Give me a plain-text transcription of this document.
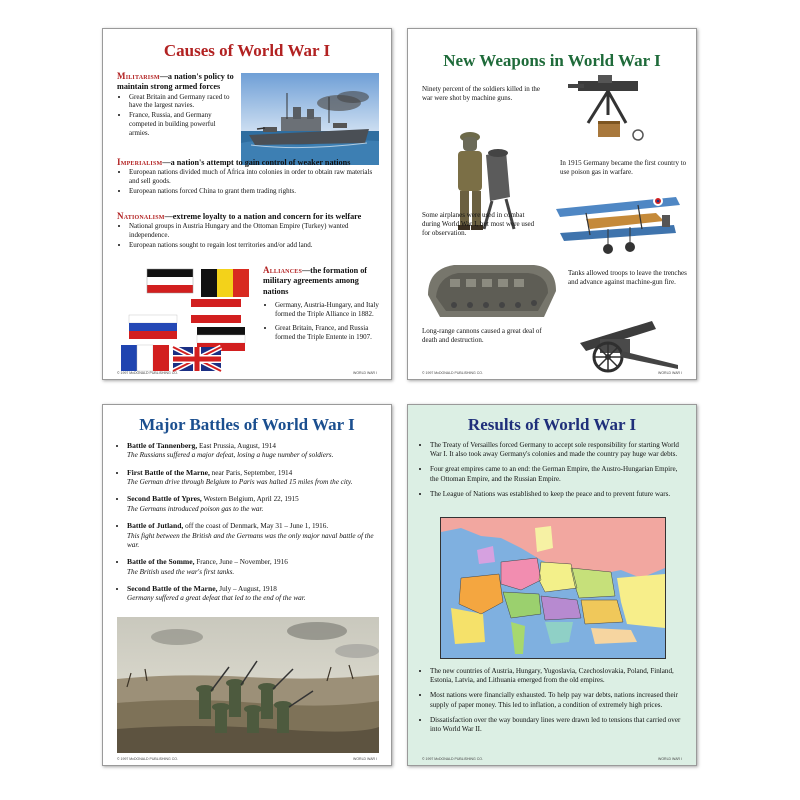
Causes of World War I
Militarism—a nation's policy to maintain strong armed forces
• Great Britain and Germany raced to have the largest navies.
• France, Russia, and Germany competed in building powerful armies.
Imperialism—a nation's attempt to gain control of weaker nations
• European nations divided much of Africa into colonies in order to obtain raw materials and sell goods.
• European nations forced China to grant them trading rights.
Nationalism—extreme loyalty to a nation and concern for its welfare
• National groups in Austria Hungary and the Ottoman Empire (Turkey) wanted independence.
• European nations sought to regain lost territories and/or add land.
Alliances—the formation of military agreements among nations
• Germany, Austria-Hungary, and Italy formed the Triple Alliance in 1882.
• Great Britain, France, and Russia formed the Triple Entente in 1907.
© 1997 McDONALD PUBLISHING CO.	WORLD WAR I
New Weapons in World War I
Ninety percent of the soldiers killed in the war were shot by machine guns.
In 1915 Germany became the first country to use poison gas in warfare.
Some airplanes were used in combat during World War I, but most were used for observation.
Tanks allowed troops to leave the trenches and advance against machine-gun fire.
Long-range cannons caused a great deal of death and destruction.
© 1997 McDONALD PUBLISHING CO.	WORLD WAR I
Major Battles of World War I
• Battle of Tannenberg, East Prussia, August, 1914
The Russians suffered a major defeat, losing a huge number of soldiers.
• First Battle of the Marne, near Paris, September, 1914
The German drive through Belgium to Paris was halted 15 miles from the city.
• Second Battle of Ypres, Western Belgium, April 22, 1915
The Germans introduced poison gas to the war.
• Battle of Jutland, off the coast of Denmark, May 31 – June 1, 1916.
This fight between the British and the Germans was the only major naval battle of the war.
• Battle of the Somme, France, June – November, 1916
The British used the war's first tanks.
• Second Battle of the Marne, July – August, 1918
Germany suffered a great defeat that led to the end of the war.
© 1997 McDONALD PUBLISHING CO.	WORLD WAR I
Results of World War I
• The Treaty of Versailles forced Germany to accept sole responsibility for starting World War I. It also took away Germany's colonies and made the country pay huge war debts.
• Four great empires came to an end: the German Empire, the Austro-Hungarian Empire, the Ottoman Empire, and the Russian Empire.
• The League of Nations was established to keep the peace and to prevent future wars.
• The new countries of Austria, Hungary, Yugoslavia, Czechoslovakia, Poland, Finland, Estonia, Latvia, and Lithuania emerged from the old empires.
• Most nations were financially exhausted. To help pay war debts, nations increased their supply of paper money. This led to inflation, a condition of extremely high prices.
• Dissatisfaction over the way boundary lines were drawn led to tensions that carried over into World War II.
© 1997 McDONALD PUBLISHING CO.	WORLD WAR I
